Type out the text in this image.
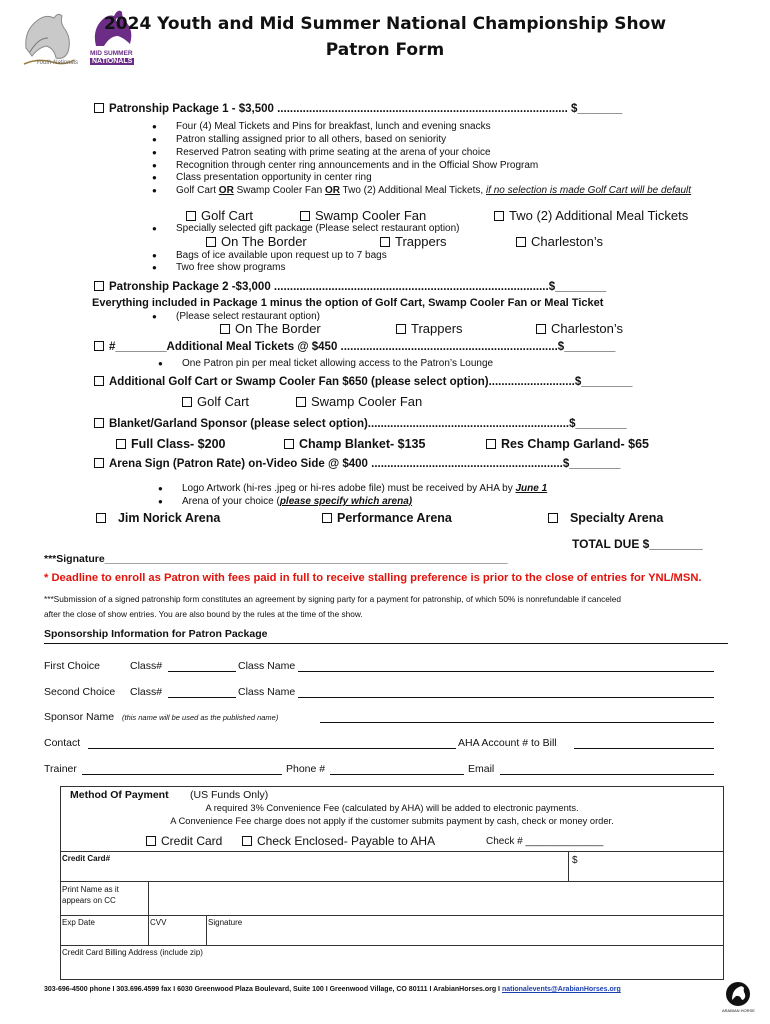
Youth Nationals
MID SUMMER
NATIONALS
2024 Youth and Mid Summer National Championship Show
Patron Form
Patronship Package 1 - $3,500 ........................................................................................... $_______
Four (4) Meal Tickets and Pins for breakfast, lunch and evening snacks
Patron stalling assigned prior to all others, based on seniority
Reserved Patron seating with prime seating at the arena of your choice
Recognition through center ring announcements and in the Official Show Program
Class presentation opportunity in center ring
Golf Cart OR Swamp Cooler Fan OR Two (2) Additional Meal Tickets, if no selection is made Golf Cart will be default
Golf Cart	Swamp Cooler Fan	Two (2) Additional Meal Tickets
Specially selected gift package (Please select restaurant option)
On The Border	Trappers	Charleston’s
Bags of ice available upon request up to 7 bags
Two free show programs
Patronship Package 2 -$3,000 ......................................................................................$________
Everything included in Package 1 minus the option of Golf Cart, Swamp Cooler Fan or Meal Ticket
(Please select restaurant option)
On The Border	Trappers	Charleston’s
#________Additional Meal Tickets @ $450 ....................................................................$________
One Patron pin per meal ticket allowing access to the Patron’s Lounge
Additional Golf Cart or Swamp Cooler Fan $650 (please select option)...........................$________
Golf Cart	Swamp Cooler Fan
Blanket/Garland Sponsor (please select option)...............................................................$________
Full Class- $200	Champ Blanket- $135	Res Champ Garland- $65
Arena Sign (Patron Rate) on-Video Side @ $400 ............................................................$________
Logo Artwork (hi-res .jpeg or hi-res adobe file) must be received by AHA by June 1
Arena of your choice (please specify which arena)
Jim Norick Arena	Performance Arena	Specialty Arena
TOTAL DUE $________
***Signature_____________________________________________________________________
* Deadline to enroll as Patron with fees paid in full to receive stalling preference is prior to the close of entries for YNL/MSN.
***Submission of a signed patronship form constitutes an agreement by signing party for a payment for patronship, of which 50% is nonrefundable if canceled
after the close of show entries. You are also bound by the rules at the time of the show.
Sponsorship Information for Patron Package
First Choice	Class#	Class Name
Second Choice Class#	Class Name
Sponsor Name (this name will be used as the published name)
Contact	AHA Account # to Bill
Trainer	Phone #	Email
Method Of Payment (US Funds Only)
A required 3% Convenience Fee (calculated by AHA) will be added to electronic payments.
A Convenience Fee charge does not apply if the customer submits payment by cash, check or money order.
Credit Card	Check Enclosed- Payable to AHA	Check # ______________
Credit Card#	$
Print Name as it appears on CC
Exp Date	CVV	Signature
Credit Card Billing Address (include zip)
303-696-4500 phone I 303.696.4599 fax I 6030 Greenwood Plaza Boulevard, Suite 100 I Greenwood Village, CO 80111 I ArabianHorses.org I nationalevents@ArabianHorses.org
ARABIAN HORSE
